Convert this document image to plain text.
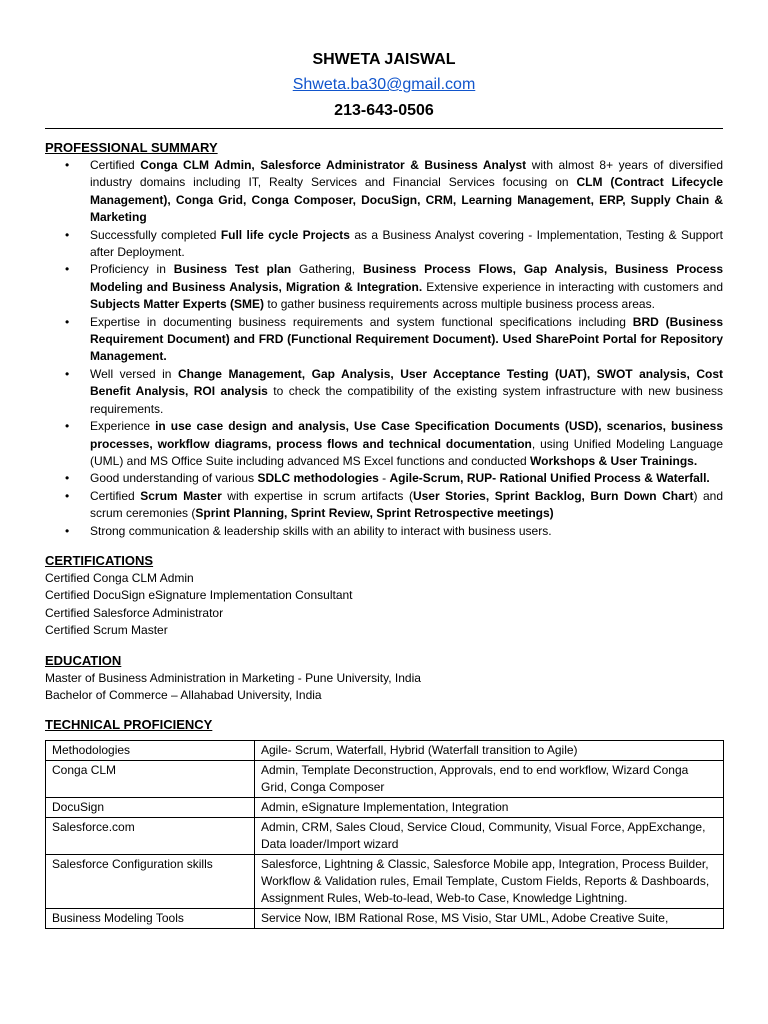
SHWETA JAISWAL
Shweta.ba30@gmail.com
213-643-0506
PROFESSIONAL SUMMARY
• Certified Conga CLM Admin, Salesforce Administrator & Business Analyst with almost 8+ years of diversified industry domains including IT, Realty Services and Financial Services focusing on CLM (Contract Lifecycle Management), Conga Grid, Conga Composer, DocuSign, CRM, Learning Management, ERP, Supply Chain & Marketing
• Successfully completed Full life cycle Projects as a Business Analyst covering - Implementation, Testing & Support after Deployment.
• Proficiency in Business Test plan Gathering, Business Process Flows, Gap Analysis, Business Process Modeling and Business Analysis, Migration & Integration. Extensive experience in interacting with customers and Subjects Matter Experts (SME) to gather business requirements across multiple business process areas.
• Expertise in documenting business requirements and system functional specifications including BRD (Business Requirement Document) and FRD (Functional Requirement Document). Used SharePoint Portal for Repository Management.
• Well versed in Change Management, Gap Analysis, User Acceptance Testing (UAT), SWOT analysis, Cost Benefit Analysis, ROI analysis to check the compatibility of the existing system infrastructure with new business requirements.
• Experience in use case design and analysis, Use Case Specification Documents (USD), scenarios, business processes, workflow diagrams, process flows and technical documentation, using Unified Modeling Language (UML) and MS Office Suite including advanced MS Excel functions and conducted Workshops & User Trainings.
• Good understanding of various SDLC methodologies - Agile-Scrum, RUP- Rational Unified Process & Waterfall.
• Certified Scrum Master with expertise in scrum artifacts (User Stories, Sprint Backlog, Burn Down Chart) and scrum ceremonies (Sprint Planning, Sprint Review, Sprint Retrospective meetings)
• Strong communication & leadership skills with an ability to interact with business users.
CERTIFICATIONS
Certified Conga CLM Admin
Certified DocuSign eSignature Implementation Consultant
Certified Salesforce Administrator
Certified Scrum Master
EDUCATION
Master of Business Administration in Marketing - Pune University, India
Bachelor of Commerce – Allahabad University, India
TECHNICAL PROFICIENCY
Methodologies	Agile- Scrum, Waterfall, Hybrid (Waterfall transition to Agile)
Conga CLM	Admin, Template Deconstruction, Approvals, end to end workflow, Wizard Conga Grid, Conga Composer
DocuSign	Admin, eSignature Implementation, Integration
Salesforce.com	Admin, CRM, Sales Cloud, Service Cloud, Community, Visual Force, AppExchange, Data loader/Import wizard
Salesforce Configuration skills	Salesforce, Lightning & Classic, Salesforce Mobile app, Integration, Process Builder, Workflow & Validation rules, Email Template, Custom Fields, Reports & Dashboards, Assignment Rules, Web-to-lead, Web-to Case, Knowledge Lightning.
Business Modeling Tools	Service Now, IBM Rational Rose, MS Visio, Star UML, Adobe Creative Suite,
